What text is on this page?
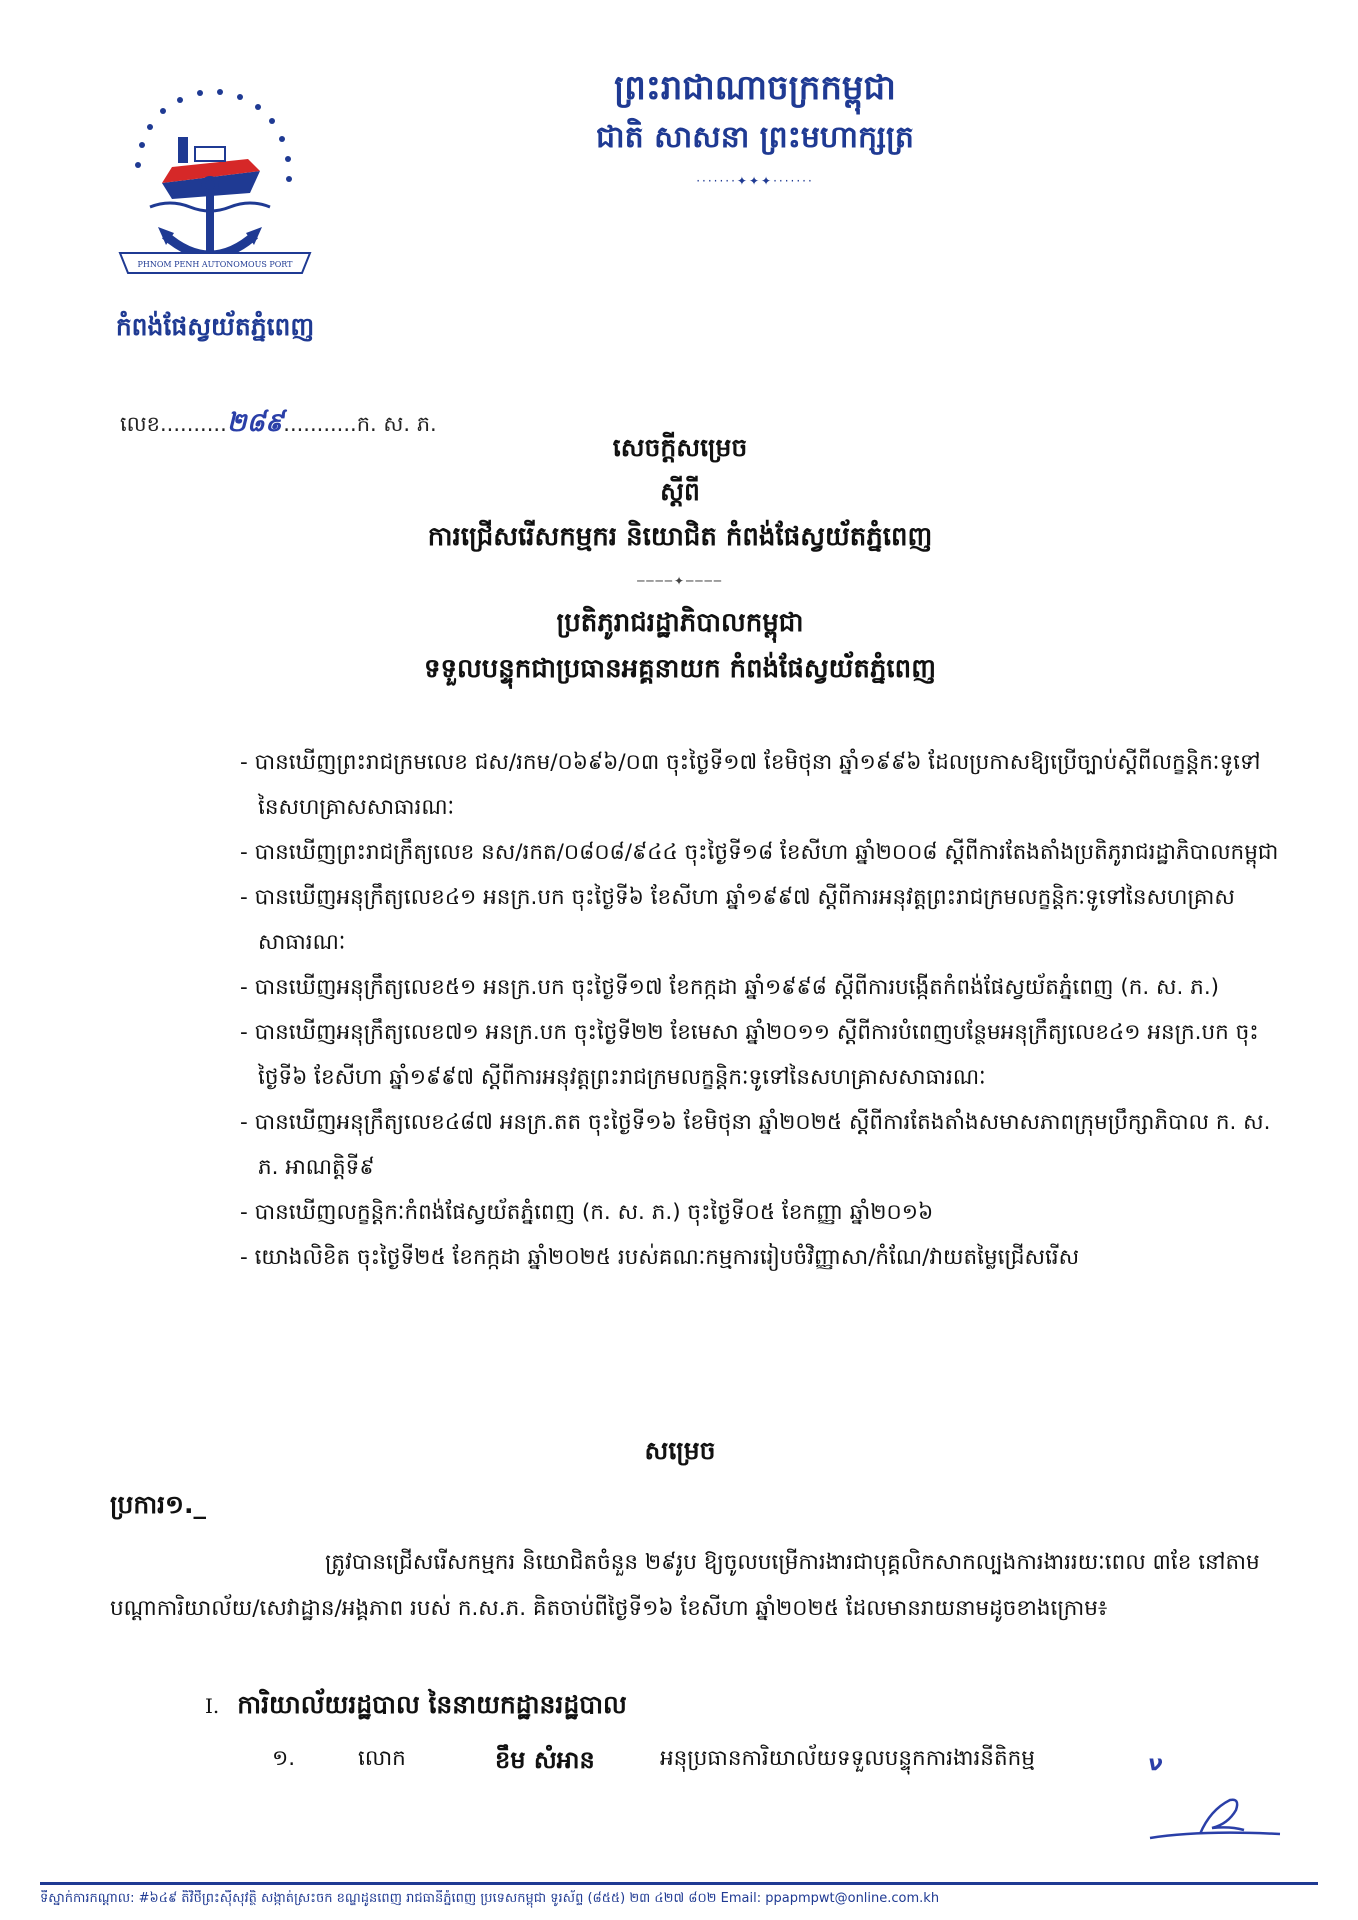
PHNOM PENH AUTONOMOUS PORT
កំពង់ផែស្វយ័តភ្នំពេញ
ព្រះរាជាណាចក្រកម្ពុជា
ជាតិ សាសនា ព្រះមហាក្សត្រ
·······✦✦✦·······
លេខ..........២៨៩...........ក. ស. ភ.
សេចក្តីសម្រេច
ស្តីពី
ការជ្រើសរើសកម្មករ និយោជិត កំពង់ផែស្វយ័តភ្នំពេញ
────✦────
ប្រតិភូរាជរដ្ឋាភិបាលកម្ពុជា
ទទួលបន្ទុកជាប្រធានអគ្គនាយក កំពង់ផែស្វយ័តភ្នំពេញ

- បានឃើញព្រះរាជក្រមលេខ ជស/រកម/០៦៩៦/០៣ ចុះថ្ងៃទី១៧ ខែមិថុនា ឆ្នាំ១៩៩៦ ដែលប្រកាសឱ្យប្រើច្បាប់ស្តីពីលក្ខន្តិកៈទូទៅនៃសហគ្រាសសាធារណៈ

- បានឃើញព្រះរាជក្រឹត្យលេខ នស/រកត/០៨០៨/៩៤៤ ចុះថ្ងៃទី១៨ ខែសីហា ឆ្នាំ២០០៨ ស្តីពីការតែងតាំងប្រតិភូរាជរដ្ឋាភិបាលកម្ពុជា

- បានឃើញអនុក្រឹត្យលេខ៤១ អនក្រ.បក ចុះថ្ងៃទី៦ ខែសីហា ឆ្នាំ១៩៩៧ ស្តីពីការអនុវត្តព្រះរាជក្រមលក្ខន្តិកៈទូទៅនៃសហគ្រាសសាធារណៈ

- បានឃើញអនុក្រឹត្យលេខ៥១ អនក្រ.បក ចុះថ្ងៃទី១៧ ខែកក្កដា ឆ្នាំ១៩៩៨ ស្តីពីការបង្កើតកំពង់ផែស្វយ័តភ្នំពេញ (ក. ស. ភ.)

- បានឃើញអនុក្រឹត្យលេខ៧១ អនក្រ.បក ចុះថ្ងៃទី២២ ខែមេសា ឆ្នាំ២០១១ ស្តីពីការបំពេញបន្ថែមអនុក្រឹត្យលេខ៤១ អនក្រ.បក ចុះថ្ងៃទី៦ ខែសីហា ឆ្នាំ១៩៩៧ ស្តីពីការអនុវត្តព្រះរាជក្រមលក្ខន្តិកៈទូទៅនៃសហគ្រាសសាធារណៈ

- បានឃើញអនុក្រឹត្យលេខ៤៨៧ អនក្រ.តត ចុះថ្ងៃទី១៦ ខែមិថុនា ឆ្នាំ២០២៥ ស្តីពីការតែងតាំងសមាសភាពក្រុមប្រឹក្សាភិបាល ក. ស. ភ. អាណត្តិទី៩

- បានឃើញលក្ខន្តិកៈកំពង់ផែស្វយ័តភ្នំពេញ (ក. ស. ភ.) ចុះថ្ងៃទី០៥ ខែកញ្ញា ឆ្នាំ២០១៦

- យោងលិខិត ចុះថ្ងៃទី២៥ ខែកក្កដា ឆ្នាំ២០២៥ របស់គណៈកម្មការរៀបចំវិញ្ញាសា/កំណែ/វាយតម្លៃជ្រើសរើស

សម្រេច
ប្រការ១._
ត្រូវបានជ្រើសរើសកម្មករ និយោជិតចំនួន ២៩រូប ឱ្យចូលបម្រើការងារជាបុគ្គលិកសាកល្បងការងាររយៈពេល ៣ខែ នៅតាមបណ្តាការិយាល័យ/សេវាដ្ឋាន/អង្គភាព របស់ ក.ស.ភ. គិតចាប់ពីថ្ងៃទី១៦ ខែសីហា ឆ្នាំ២០២៥ ដែលមានរាយនាមដូចខាងក្រោម៖
I. ការិយាល័យរដ្ឋបាល នៃនាយកដ្ឋានរដ្ឋបាល
១.	លោក	ខឹម សំអាន	អនុប្រធានការិយាល័យទទួលបន្ទុកការងារនីតិកម្ម	ν
ទីស្នាក់ការកណ្តាល: #៦៤៩ តិវិថីព្រះស៊ីសុវត្ថិ សង្កាត់ស្រះចក ខណ្ឌដូនពេញ រាជធានីភ្នំពេញ ប្រទេសកម្ពុជា ទូរស័ព្ទ (៨៥៥) ២៣ ៤២៧ ៨០២ Email: ppapmpwt@online.com.kh
